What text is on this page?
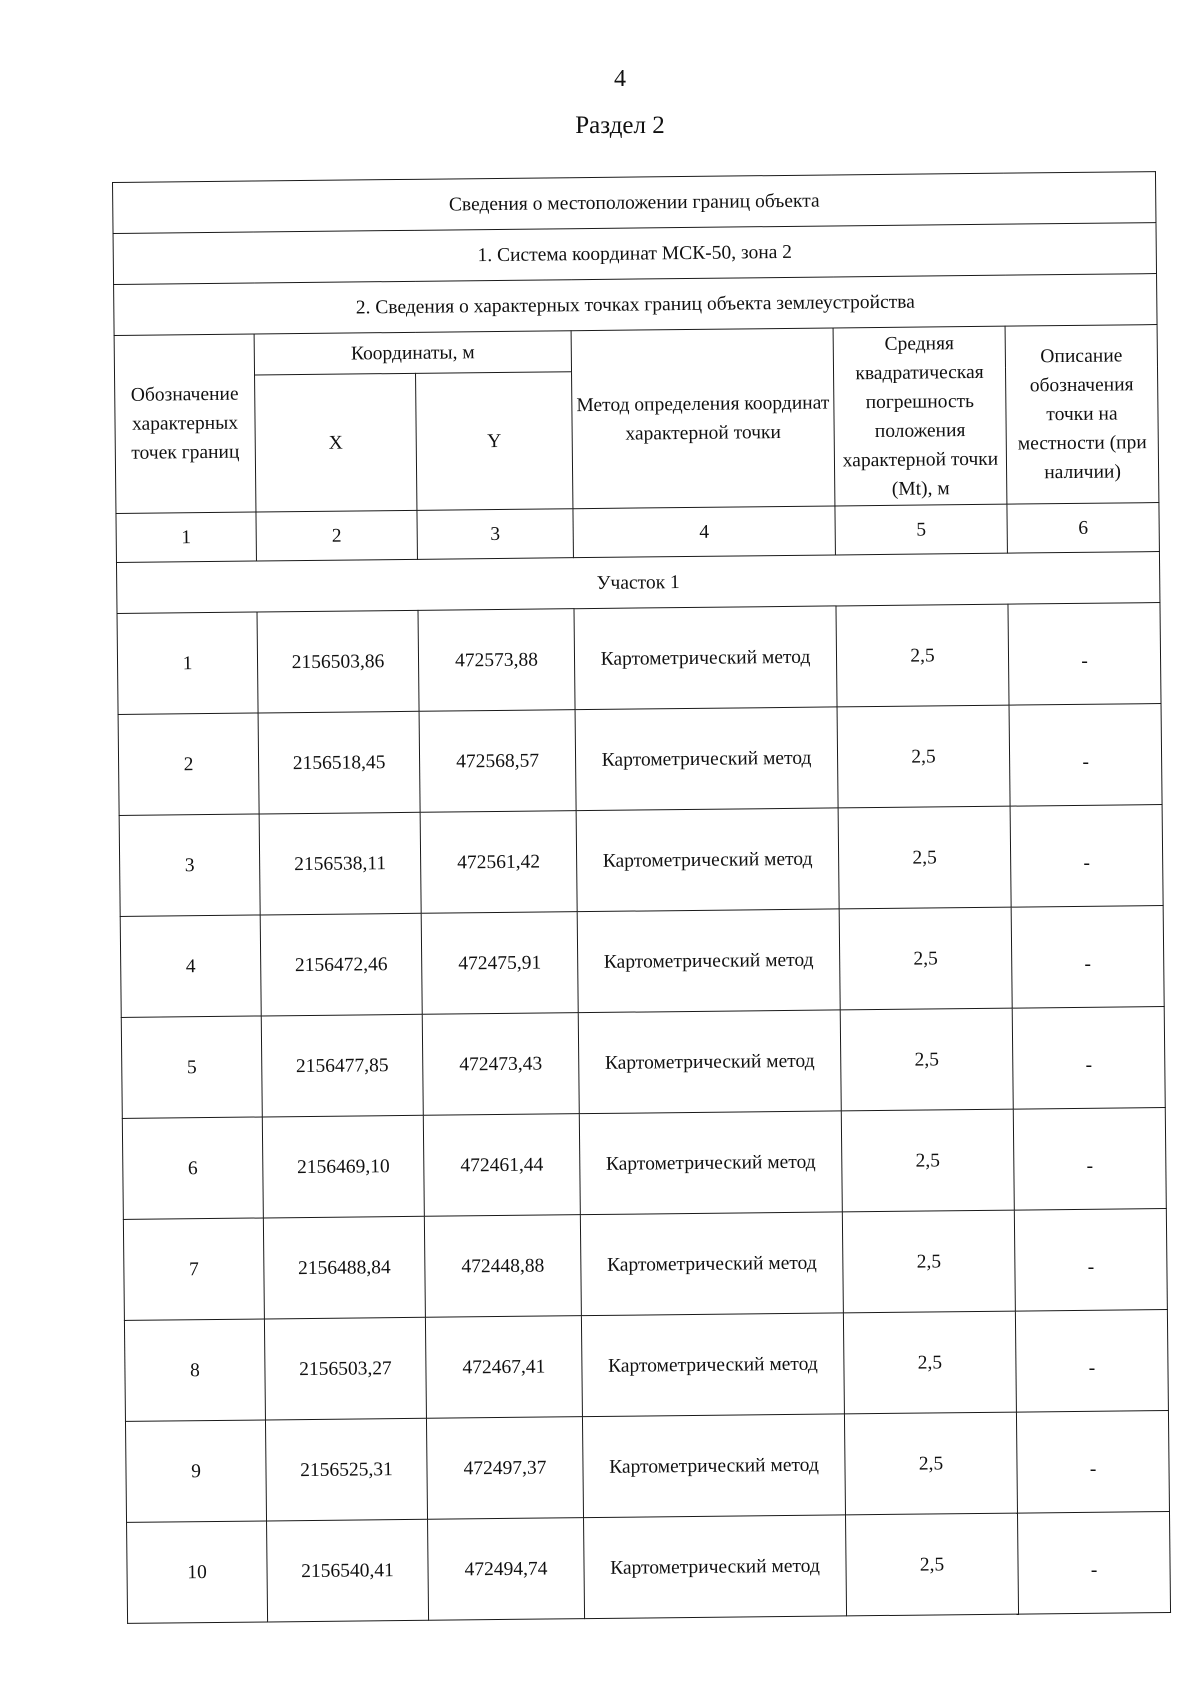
4
Раздел 2
Сведения о местоположении границ объекта					
1. Система координат МСК-50, зона 2					
2. Сведения о характерных точках границ объекта землеустройства					
Обозначение характерных точек границ	Координаты, м		Метод определения координат характерной точки	Средняя квадратическая погрешность положения характерной точки (Mt), м	Описание обозначения точки на местности (при наличии)
	X	Y			
1	2	3	4	5	6
Участок 1					
1	2156503,86	472573,88	Картометрический метод	2,5	-
2	2156518,45	472568,57	Картометрический метод	2,5	-
3	2156538,11	472561,42	Картометрический метод	2,5	-
4	2156472,46	472475,91	Картометрический метод	2,5	-
5	2156477,85	472473,43	Картометрический метод	2,5	-
6	2156469,10	472461,44	Картометрический метод	2,5	-
7	2156488,84	472448,88	Картометрический метод	2,5	-
8	2156503,27	472467,41	Картометрический метод	2,5	-
9	2156525,31	472497,37	Картометрический метод	2,5	-
10	2156540,41	472494,74	Картометрический метод	2,5	-
